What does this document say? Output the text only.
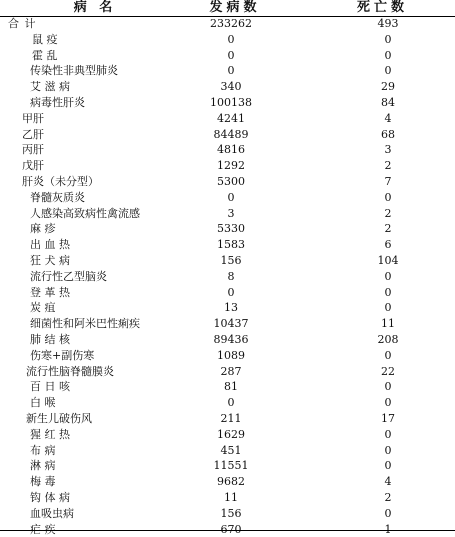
病 名	发病数	死亡数
合 计	233262	493
鼠 疫	0	0
霍 乱	0	0
传染性非典型肺炎	0	0
艾 滋 病	340	29
病毒性肝炎	100138	84
甲肝	4241	4
乙肝	84489	68
丙肝	4816	3
戊肝	1292	2
肝炎（未分型）	5300	7
脊髓灰质炎	0	0
人感染高致病性禽流感	3	2
麻 疹	5330	2
出 血 热	1583	6
狂 犬 病	156	104
流行性乙型脑炎	8	0
登 革 热	0	0
炭 疽	13	0
细菌性和阿米巴性痢疾	10437	11
肺 结 核	89436	208
伤寒+副伤寒	1089	0
流行性脑脊髓膜炎	287	22
百 日 咳	81	0
白 喉	0	0
新生儿破伤风	211	17
猩 红 热	1629	0
布 病	451	0
淋 病	11551	0
梅 毒	9682	4
钩 体 病	11	2
血吸虫病	156	0
疟 疾	670	1
